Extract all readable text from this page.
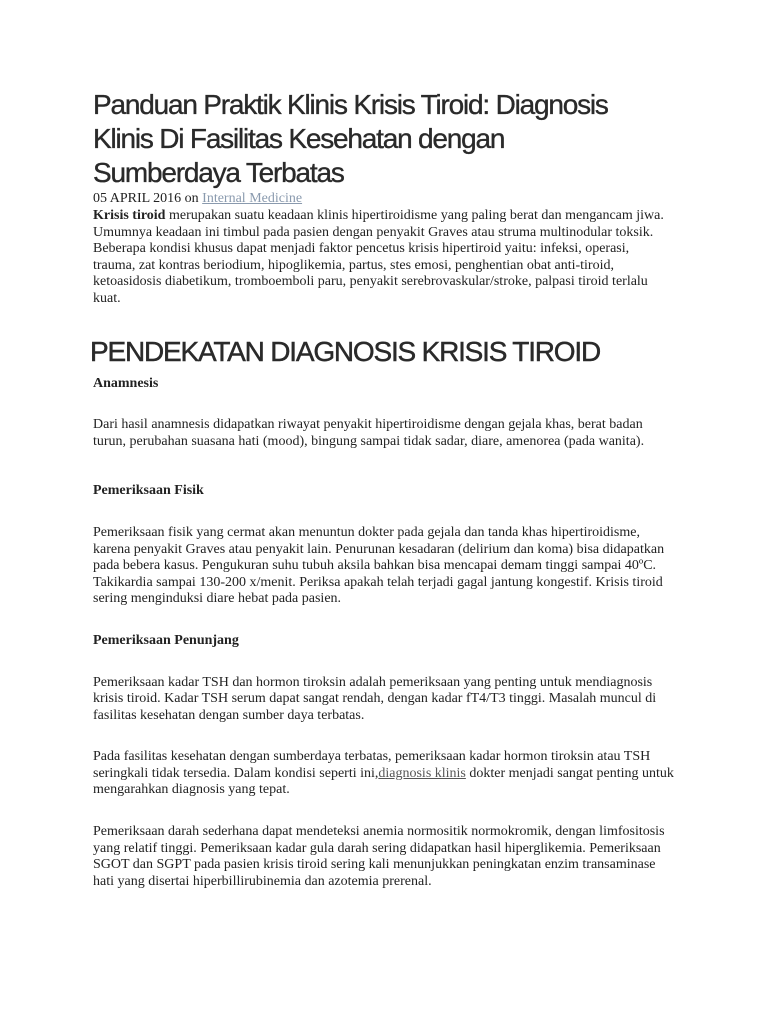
Panduan Praktik Klinis Krisis Tiroid: Diagnosis Klinis Di Fasilitas Kesehatan dengan Sumberdaya Terbatas
05 APRIL 2016 on Internal Medicine

Krisis tiroid merupakan suatu keadaan klinis hipertiroidisme yang paling berat dan mengancam jiwa. Umumnya keadaan ini timbul pada pasien dengan penyakit Graves atau struma multinodular toksik. Beberapa kondisi khusus dapat menjadi faktor pencetus krisis hipertiroid yaitu: infeksi, operasi, trauma, zat kontras beriodium, hipoglikemia, partus, stes emosi, penghentian obat anti-tiroid, ketoasidosis diabetikum, tromboemboli paru, penyakit serebrovaskular/stroke, palpasi tiroid terlalu kuat.

PENDEKATAN DIAGNOSIS KRISIS TIROID
Anamnesis

Dari hasil anamnesis didapatkan riwayat penyakit hipertiroidisme dengan gejala khas, berat badan turun, perubahan suasana hati (mood), bingung sampai tidak sadar, diare, amenorea (pada wanita).

Pemeriksaan Fisik

Pemeriksaan fisik yang cermat akan menuntun dokter pada gejala dan tanda khas hipertiroidisme, karena penyakit Graves atau penyakit lain. Penurunan kesadaran (delirium dan koma) bisa didapatkan pada bebera kasus. Pengukuran suhu tubuh aksila bahkan bisa mencapai demam tinggi sampai 40ºC. Takikardia sampai 130-200 x/menit. Periksa apakah telah terjadi gagal jantung kongestif. Krisis tiroid sering menginduksi diare hebat pada pasien.

Pemeriksaan Penunjang

Pemeriksaan kadar TSH dan hormon tiroksin adalah pemeriksaan yang penting untuk mendiagnosis krisis tiroid. Kadar TSH serum dapat sangat rendah, dengan kadar fT4/T3 tinggi. Masalah muncul di fasilitas kesehatan dengan sumber daya terbatas.

Pada fasilitas kesehatan dengan sumberdaya terbatas, pemeriksaan kadar hormon tiroksin atau TSH seringkali tidak tersedia. Dalam kondisi seperti ini,diagnosis klinis dokter menjadi sangat penting untuk mengarahkan diagnosis yang tepat.

Pemeriksaan darah sederhana dapat mendeteksi anemia normositik normokromik, dengan limfositosis yang relatif tinggi. Pemeriksaan kadar gula darah sering didapatkan hasil hiperglikemia. Pemeriksaan SGOT dan SGPT pada pasien krisis tiroid sering kali menunjukkan peningkatan enzim transaminase hati yang disertai hiperbillirubinemia dan azotemia prerenal.
